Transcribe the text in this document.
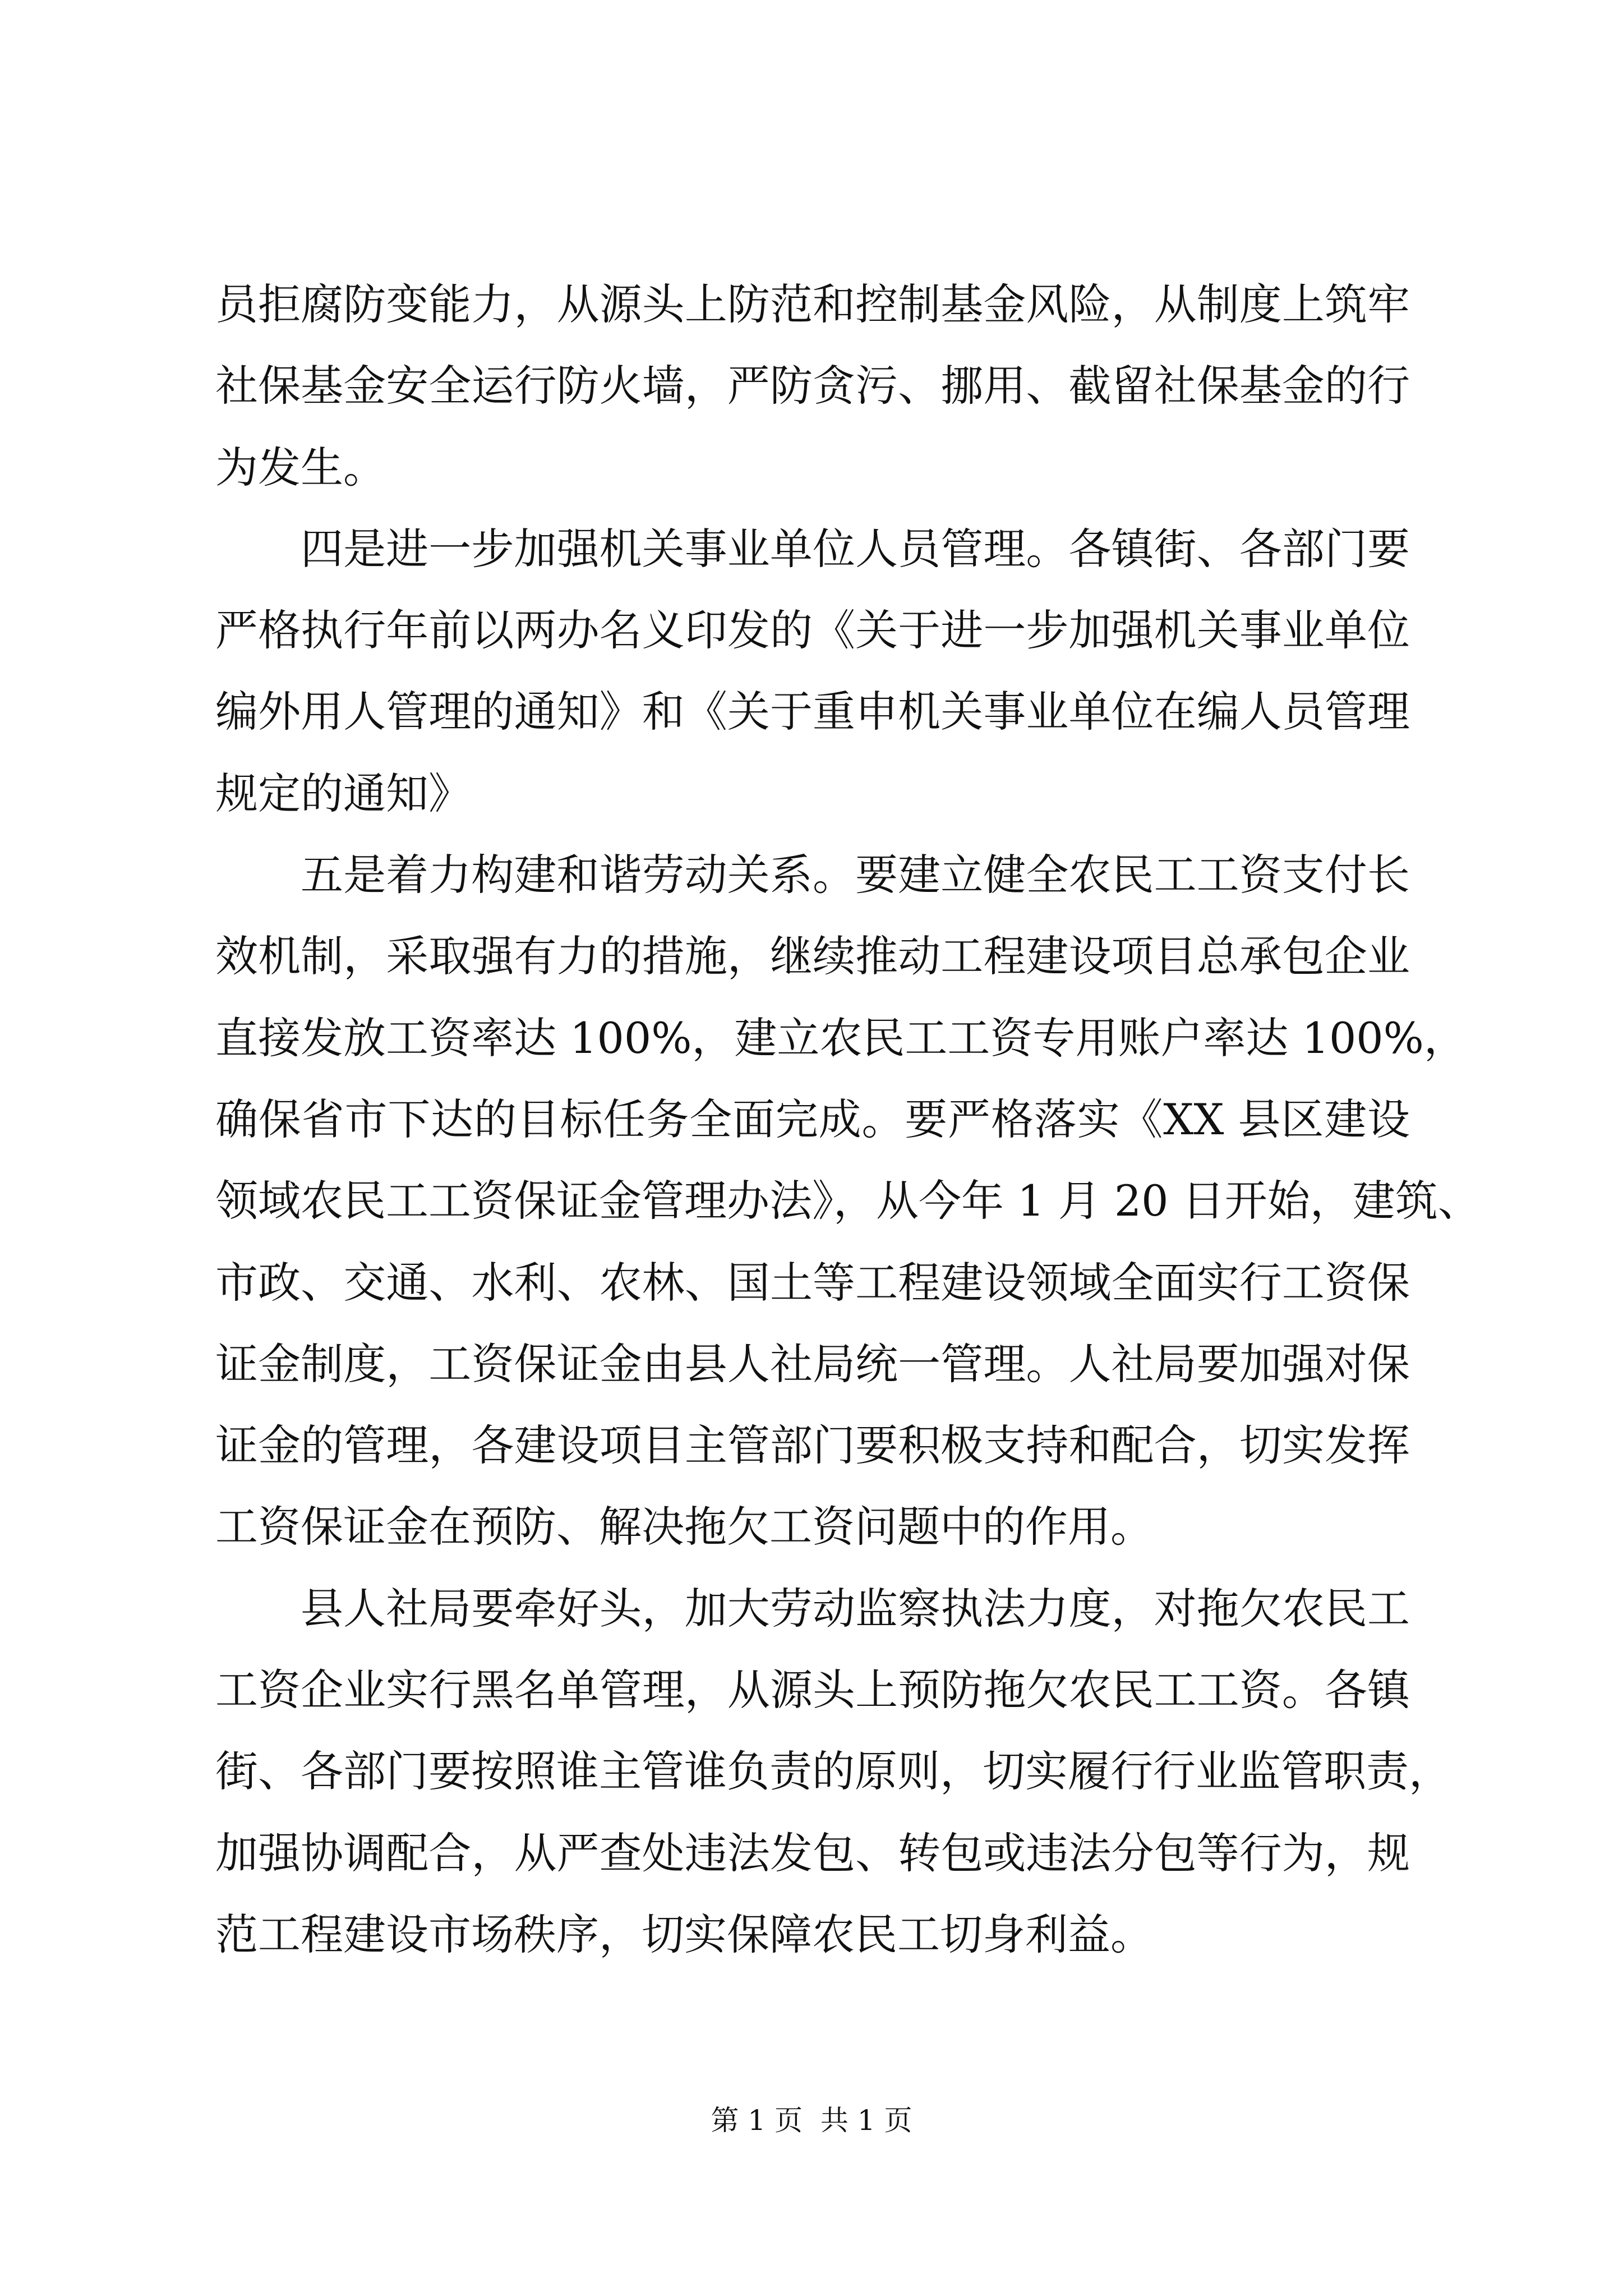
员拒腐防变能力，从源头上防范和控制基金风险，从制度上筑牢
社保基金安全运行防火墙，严防贪污、挪用、截留社保基金的行
为发生。
四是进一步加强机关事业单位人员管理。各镇街、各部门要
严格执行年前以两办名义印发的《关于进一步加强机关事业单位
编外用人管理的通知》和《关于重申机关事业单位在编人员管理
规定的通知》
五是着力构建和谐劳动关系。要建立健全农民工工资支付长
效机制，采取强有力的措施，继续推动工程建设项目总承包企业
直接发放工资率达 100%，建立农民工工资专用账户率达 100%，
确保省市下达的目标任务全面完成。要严格落实《XX 县区建设
领域农民工工资保证金管理办法》，从今年 1 月 20 日开始，建筑、
市政、交通、水利、农林、国土等工程建设领域全面实行工资保
证金制度，工资保证金由县人社局统一管理。人社局要加强对保
证金的管理，各建设项目主管部门要积极支持和配合，切实发挥
工资保证金在预防、解决拖欠工资问题中的作用。
县人社局要牵好头，加大劳动监察执法力度，对拖欠农民工
工资企业实行黑名单管理，从源头上预防拖欠农民工工资。各镇
街、各部门要按照谁主管谁负责的原则，切实履行行业监管职责，
加强协调配合，从严查处违法发包、转包或违法分包等行为，规
范工程建设市场秩序，切实保障农民工切身利益。
第 1 页  共 1 页
